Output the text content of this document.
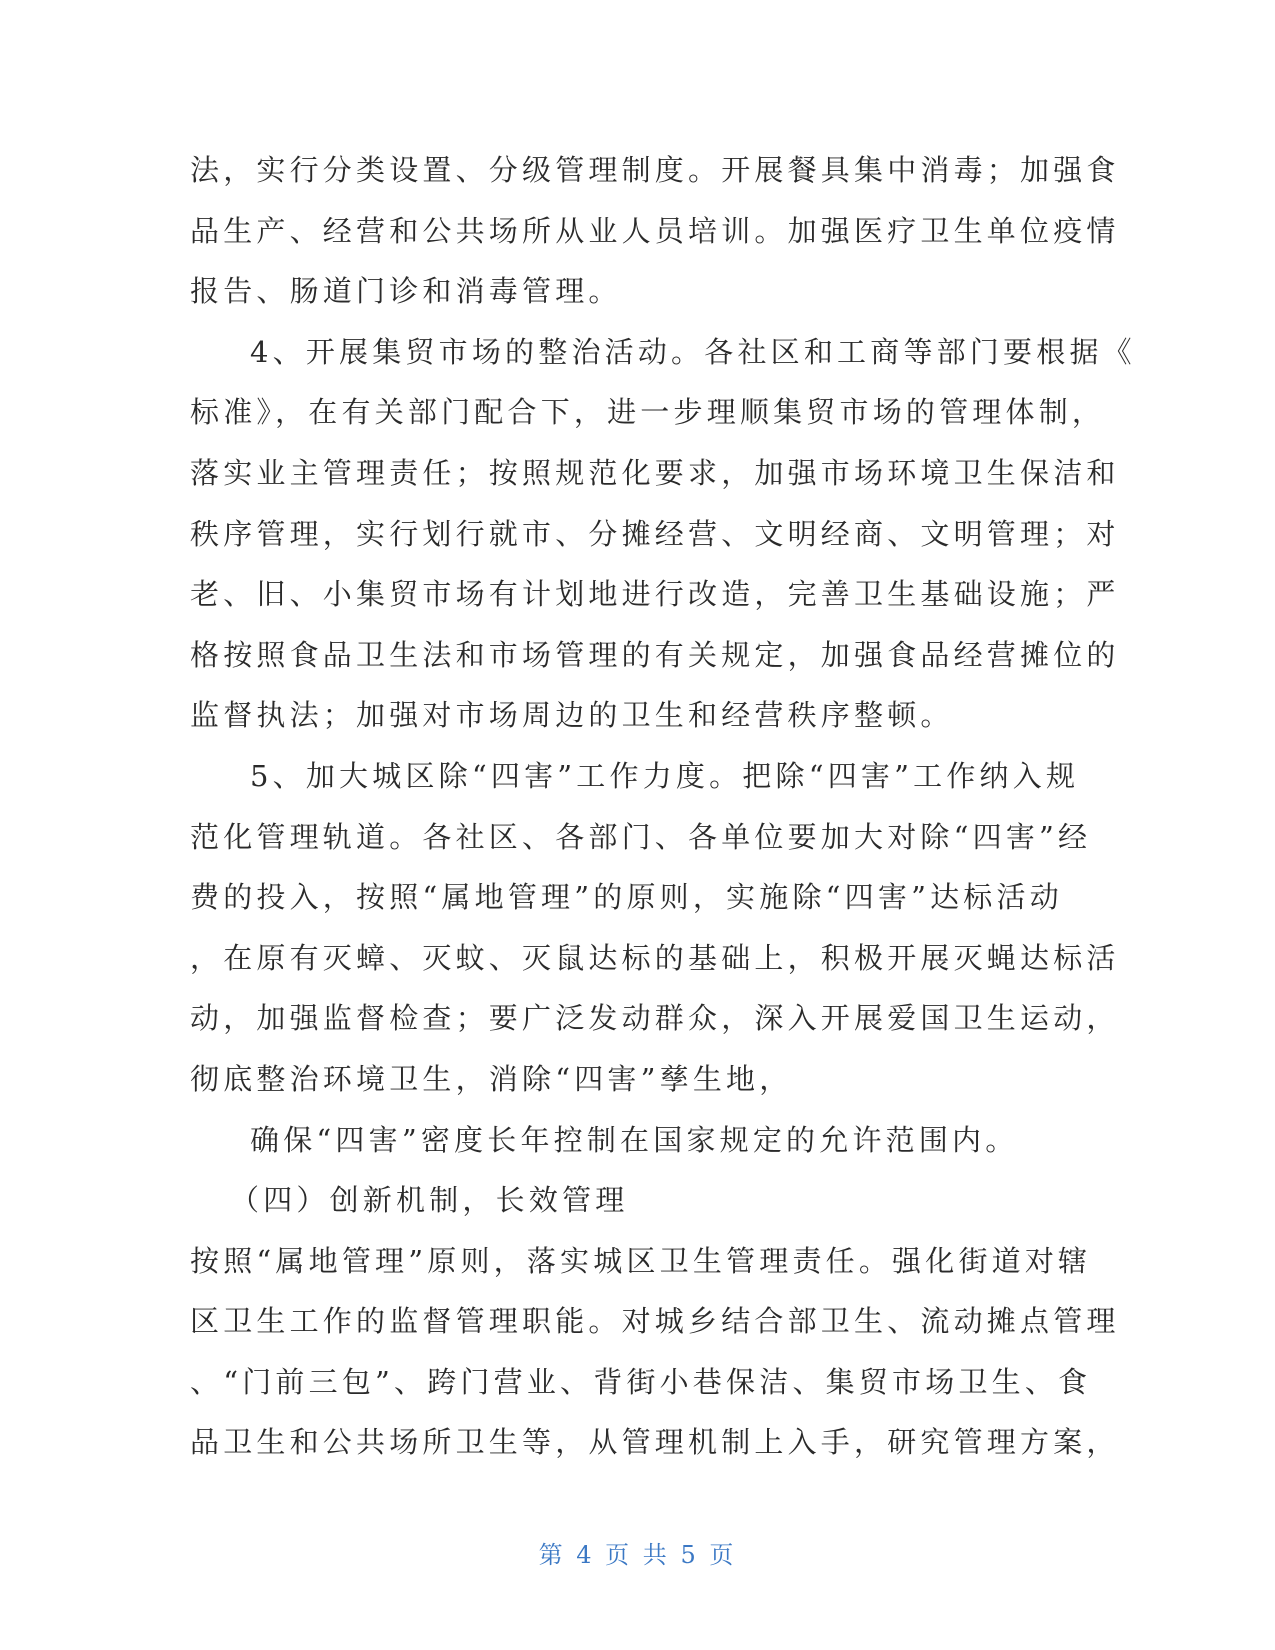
法，实行分类设置、分级管理制度。开展餐具集中消毒；加强食
品生产、经营和公共场所从业人员培训。加强医疗卫生单位疫情
报告、肠道门诊和消毒管理。
4、开展集贸市场的整治活动。各社区和工商等部门要根据《
标准》，在有关部门配合下，进一步理顺集贸市场的管理体制，
落实业主管理责任；按照规范化要求，加强市场环境卫生保洁和
秩序管理，实行划行就市、分摊经营、文明经商、文明管理；对
老、旧、小集贸市场有计划地进行改造，完善卫生基础设施；严
格按照食品卫生法和市场管理的有关规定，加强食品经营摊位的
监督执法；加强对市场周边的卫生和经营秩序整顿。
5、加大城区除“四害”工作力度。把除“四害”工作纳入规
范化管理轨道。各社区、各部门、各单位要加大对除“四害”经
费的投入，按照“属地管理”的原则，实施除“四害”达标活动
，在原有灭蟑、灭蚊、灭鼠达标的基础上，积极开展灭蝇达标活
动，加强监督检查；要广泛发动群众，深入开展爱国卫生运动，
彻底整治环境卫生，消除“四害”孳生地，
确保“四害”密度长年控制在国家规定的允许范围内。
（四）创新机制，长效管理
按照“属地管理”原则，落实城区卫生管理责任。强化街道对辖
区卫生工作的监督管理职能。对城乡结合部卫生、流动摊点管理
、“门前三包”、跨门营业、背街小巷保洁、集贸市场卫生、食
品卫生和公共场所卫生等，从管理机制上入手，研究管理方案，
第 4 页 共 5 页
